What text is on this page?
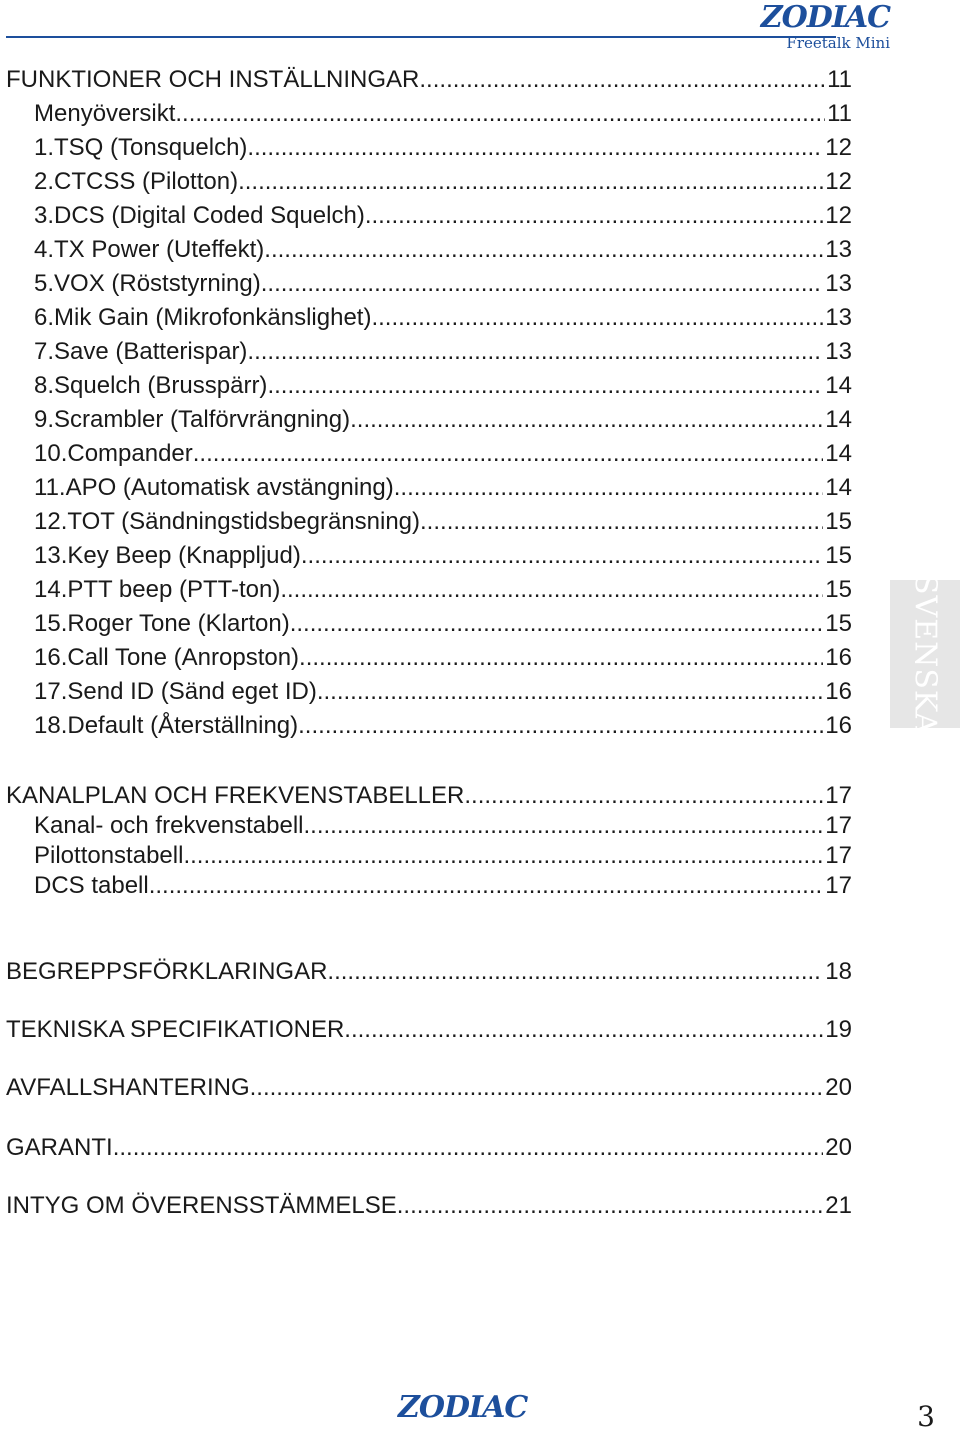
ZODIAC
Freetalk Mini
FUNKTIONER OCH INSTÄLLNINGAR .....	11
Menyöversikt... .....	11
1.TSQ (Tonsquelch) .....	12
2.CTCSS (Pilotton) .....	12
3.DCS (Digital Coded Squelch). .....	12
4.TX Power (Uteffekt) .....	13
5.VOX (Röststyrning) .....	13
6.Mik Gain (Mikrofonkänslighet) .....	13
7.Save (Batterispar) .....	13
8.Squelch (Brusspärr) .....	14
9.Scrambler (Talförvrängning) .....	14
10.Compander .....	14
11.APO (Automatisk avstängning) .....	14
12.TOT (Sändningstidsbegränsning) .....	15
13.Key Beep (Knappljud) .....	15
14.PTT beep (PTT-ton) .....	15
15.Roger Tone (Klarton) .....	15
16.Call Tone (Anropston) .....	16
17.Send ID (Sänd eget ID) .....	16
18.Default (Återställning) .....	16
KANALPLAN OCH FREKVENSTABELLER .....	17
Kanal- och frekvenstabell .....	17
Pilottonstabell .....	17
DCS tabell .....	17
BEGREPPSFÖRKLARINGAR .....	18
TEKNISKA SPECIFIKATIONER .....	19
AVFALLSHANTERING .....	20
GARANTI .....	20
INTYG OM ÖVERENSSTÄMMELSE... .....	21
SVENSKA
ZODIAC	3
